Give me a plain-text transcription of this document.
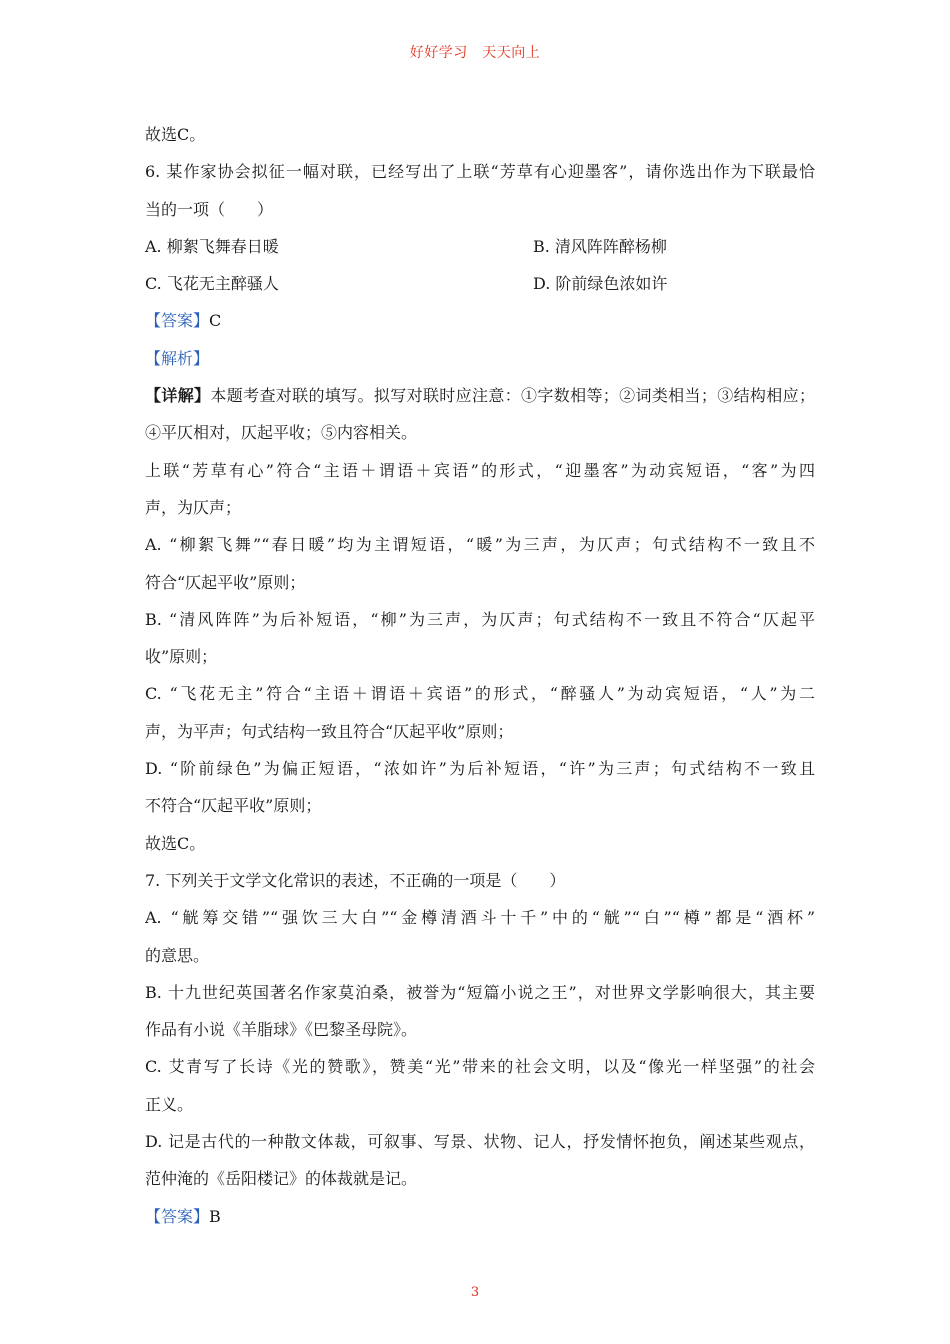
好好学习　天天向上
故选C。
6. 某作家协会拟征一幅对联，已经写出了上联“芳草有心迎墨客”，请你选出作为下联最恰
当的一项（　　）
A. 柳絮飞舞春日暖	B. 清风阵阵醉杨柳
C. 飞花无主醉骚人	D. 阶前绿色浓如许
【答案】C
【解析】
【详解】本题考查对联的填写。拟写对联时应注意：①字数相等；②词类相当；③结构相应；
④平仄相对，仄起平收；⑤内容相关。
上联“芳草有心”符合“主语＋谓语＋宾语”的形式，“迎墨客”为动宾短语，“客”为四
声，为仄声；
A. “柳絮飞舞”“春日暖”均为主谓短语，“暖”为三声，为仄声；句式结构不一致且不
符合“仄起平收”原则；
B. “清风阵阵”为后补短语，“柳”为三声，为仄声；句式结构不一致且不符合“仄起平
收”原则；
C. “飞花无主”符合“主语＋谓语＋宾语”的形式，“醉骚人”为动宾短语，“人”为二
声，为平声；句式结构一致且符合“仄起平收”原则；
D. “阶前绿色”为偏正短语，“浓如许”为后补短语，“许”为三声；句式结构不一致且
不符合“仄起平收”原则；
故选C。
7. 下列关于文学文化常识的表述，不正确的一项是（　　）
A. “觥筹交错”“强饮三大白”“金樽清酒斗十千”中的“觥”“白”“樽”都是“酒杯”
的意思。
B. 十九世纪英国著名作家莫泊桑，被誉为“短篇小说之王”，对世界文学影响很大，其主要
作品有小说《羊脂球》《巴黎圣母院》。
C. 艾青写了长诗《光的赞歌》，赞美“光”带来的社会文明，以及“像光一样坚强”的社会
正义。
D. 记是古代的一种散文体裁，可叙事、写景、状物、记人，抒发情怀抱负，阐述某些观点，
范仲淹的《岳阳楼记》的体裁就是记。
【答案】B
3
